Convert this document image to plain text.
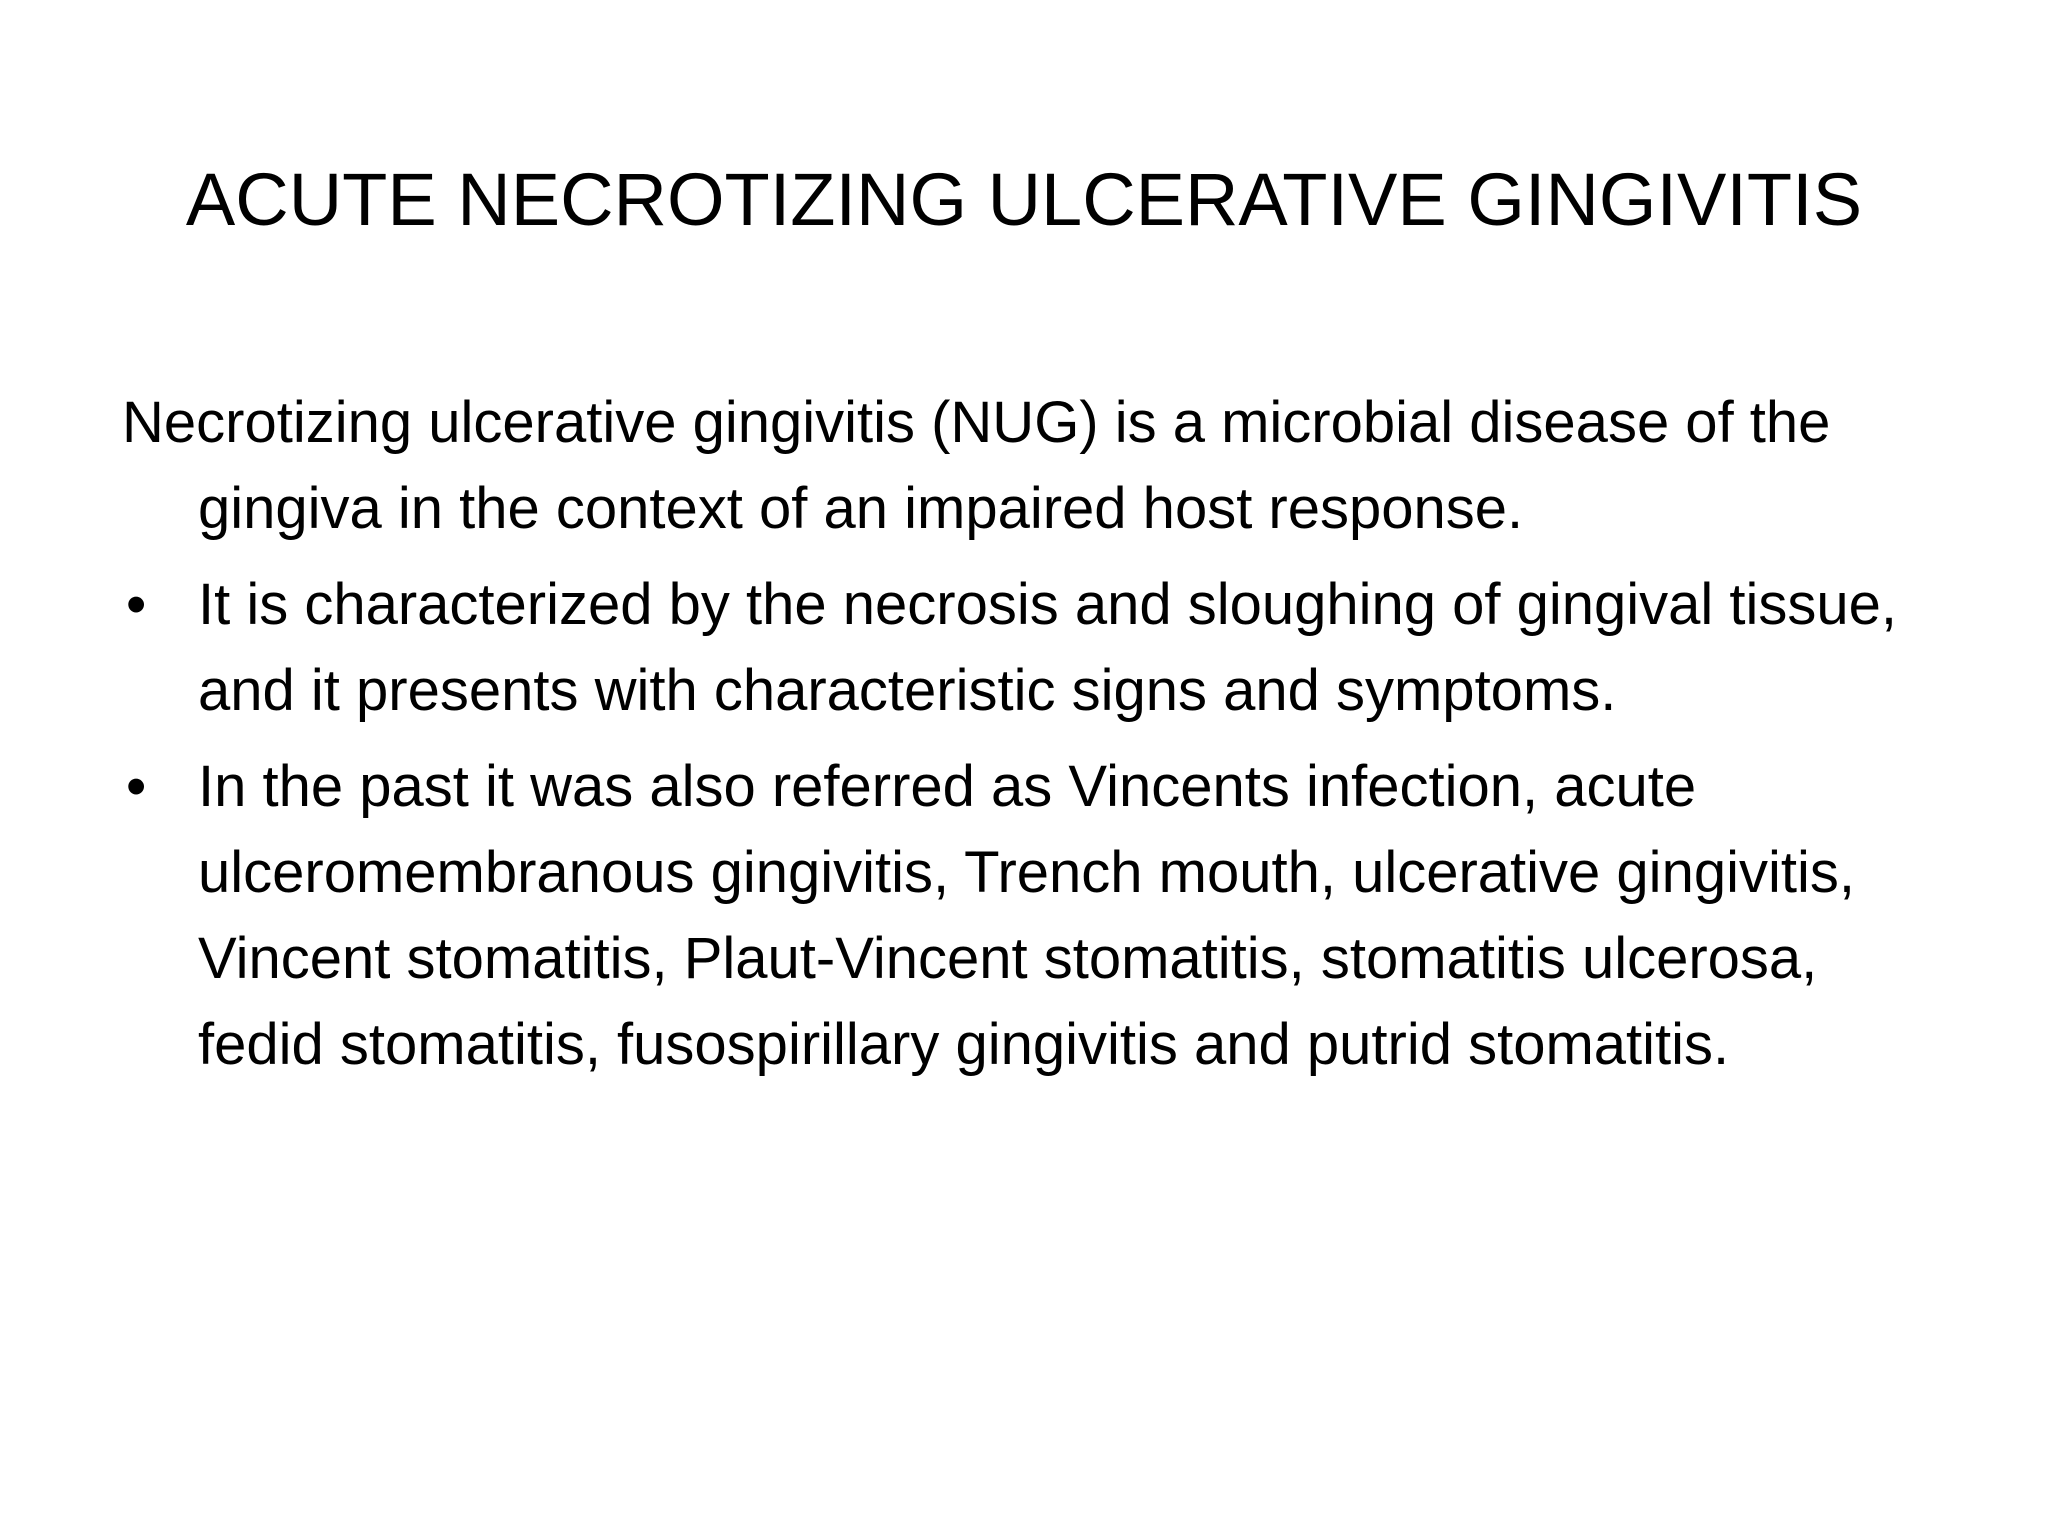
ACUTE NECROTIZING ULCERATIVE GINGIVITIS

Necrotizing ulcerative gingivitis (NUG) is a microbial disease of the gingiva in the context of an impaired host response.

• It is characterized by the necrosis and sloughing of gingival tissue, and it presents with characteristic signs and symptoms.
• In the past it was also referred as Vincents infection, acute ulceromembranous gingivitis, Trench mouth, ulcerative gingivitis, Vincent stomatitis, Plaut-Vincent stomatitis, stomatitis ulcerosa, fedid stomatitis, fusospirillary gingivitis and putrid stomatitis.
